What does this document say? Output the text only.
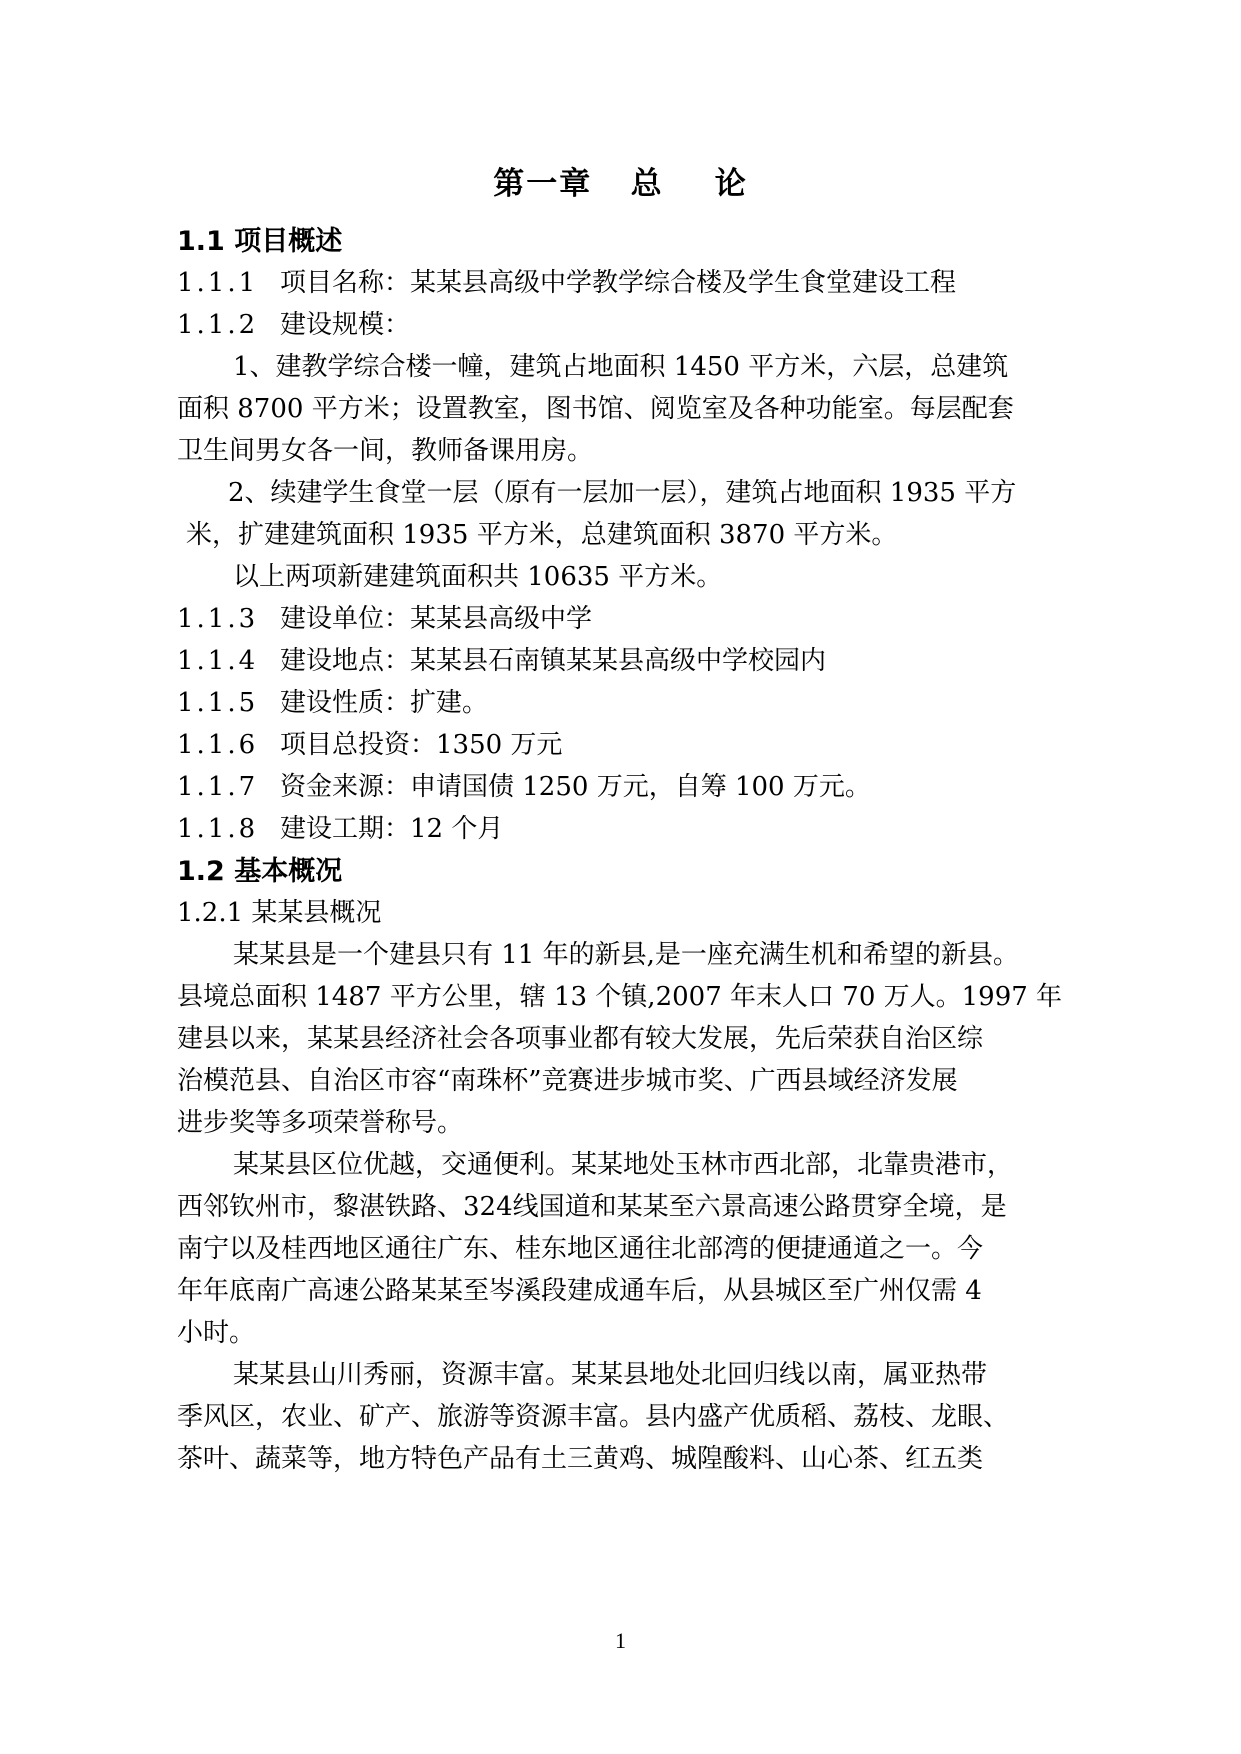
第一章   总    论
1.1 项目概述
1.1.1 项目名称：某某县高级中学教学综合楼及学生食堂建设工程
1.1.2 建设规模：
1、建教学综合楼一幢，建筑占地面积 1450 平方米，六层，总建筑
面积 8700 平方米；设置教室，图书馆、阅览室及各种功能室。每层配套
卫生间男女各一间，教师备课用房。
2、续建学生食堂一层（原有一层加一层），建筑占地面积 1935 平方
米，扩建建筑面积 1935 平方米，总建筑面积 3870 平方米。
以上两项新建建筑面积共 10635 平方米。
1.1.3 建设单位：某某县高级中学
1.1.4 建设地点：某某县石南镇某某县高级中学校园内
1.1.5 建设性质：扩建。
1.1.6 项目总投资：1350 万元
1.1.7 资金来源：申请国债 1250 万元，自筹 100 万元。
1.1.8 建设工期：12 个月
1.2 基本概况
1.2.1 某某县概况
某某县是一个建县只有 11 年的新县,是一座充满生机和希望的新县。
县境总面积 1487 平方公里，辖 13 个镇,2007 年末人口 70 万人。1997 年
建县以来，某某县经济社会各项事业都有较大发展，先后荣获自治区综
治模范县、自治区市容“南珠杯”竞赛进步城市奖、广西县域经济发展
进步奖等多项荣誉称号。
某某县区位优越，交通便利。某某地处玉林市西北部，北靠贵港市，
西邻钦州市，黎湛铁路、324线国道和某某至六景高速公路贯穿全境，是
南宁以及桂西地区通往广东、桂东地区通往北部湾的便捷通道之一。今
年年底南广高速公路某某至岑溪段建成通车后，从县城区至广州仅需 4
小时。
某某县山川秀丽，资源丰富。某某县地处北回归线以南，属亚热带
季风区，农业、矿产、旅游等资源丰富。县内盛产优质稻、荔枝、龙眼、
茶叶、蔬菜等，地方特色产品有土三黄鸡、城隍酸料、山心茶、红五类
1
